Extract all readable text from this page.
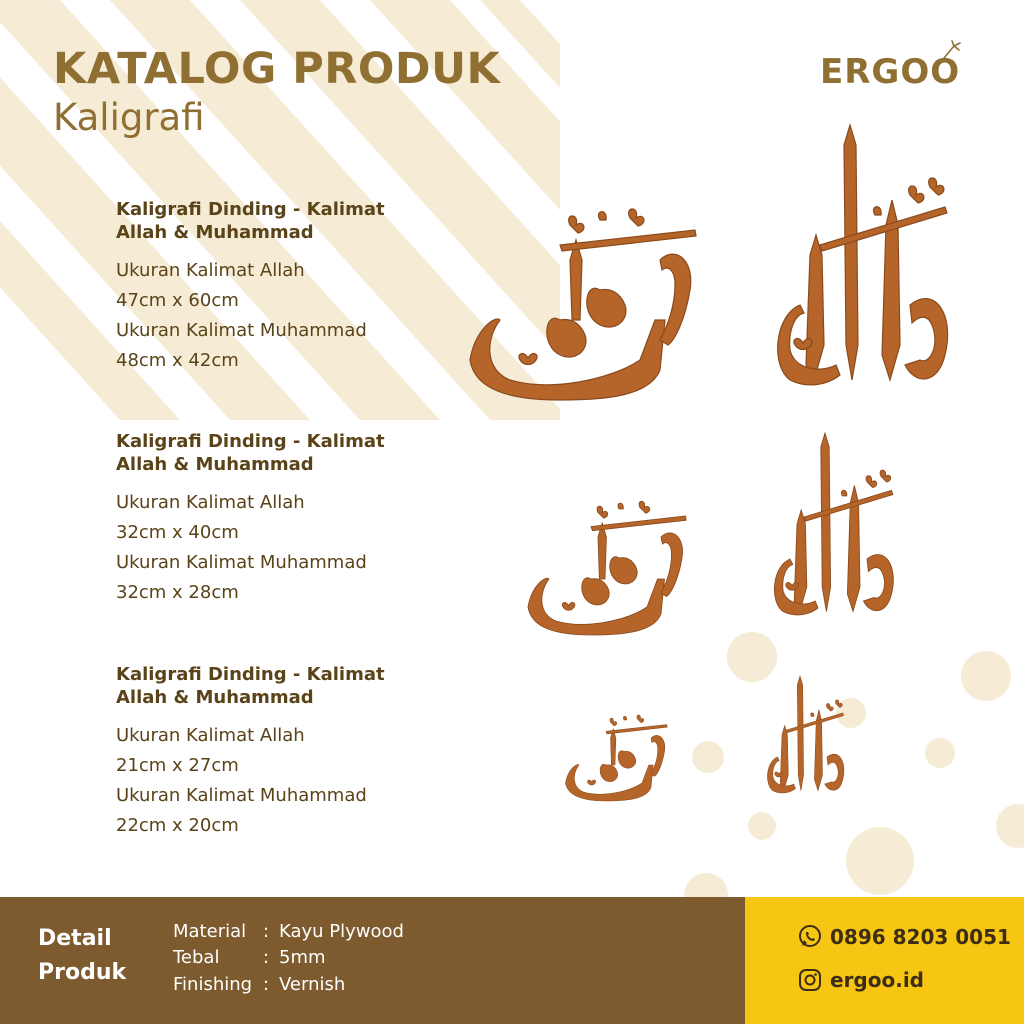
KATALOG PRODUK
Kaligrafi
ERGOO
Kaligrafi Dinding - Kalimat Allah & Muhammad
Ukuran Kalimat Allah
47cm x 60cm
Ukuran Kalimat Muhammad
48cm x 42cm
Kaligrafi Dinding - Kalimat Allah & Muhammad
Ukuran Kalimat Allah
32cm x 40cm
Ukuran Kalimat Muhammad
32cm x 28cm
Kaligrafi Dinding - Kalimat Allah & Muhammad
Ukuran Kalimat Allah
21cm x 27cm
Ukuran Kalimat Muhammad
22cm x 20cm
Detail Produk
Material : Kayu Plywood
Tebal : 5mm
Finishing : Vernish
0896 8203 0051
ergoo.id
